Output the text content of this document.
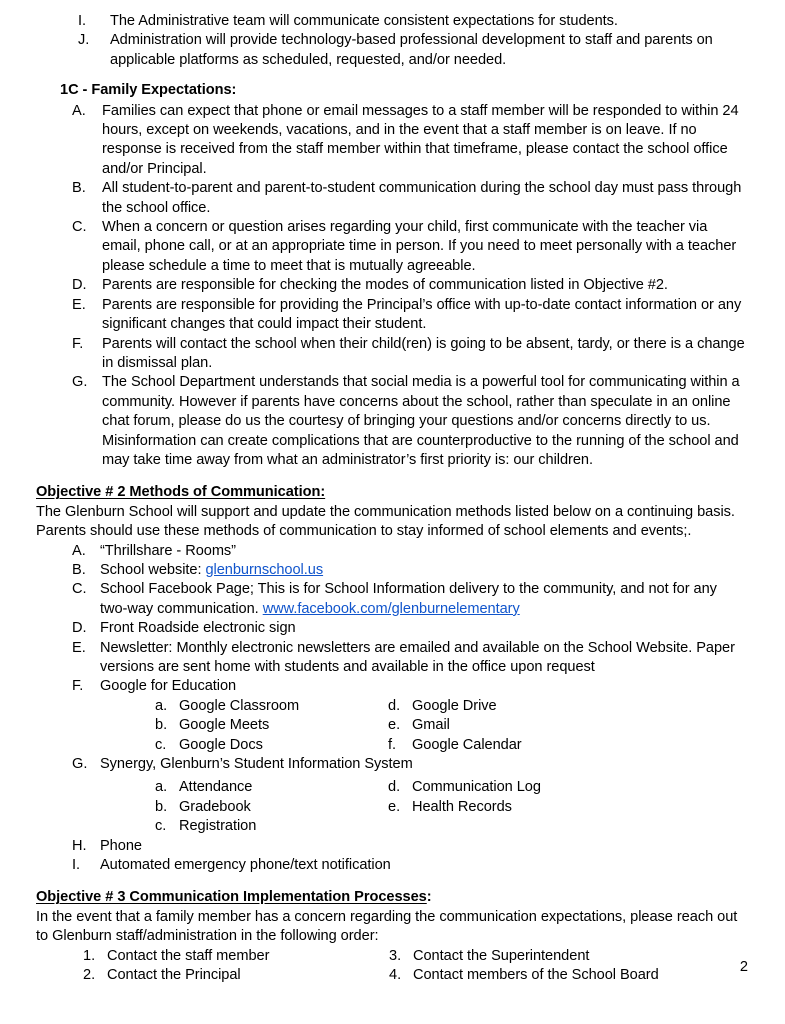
I.	The Administrative team will communicate consistent expectations for students.
J.	Administration will provide technology-based professional development to staff and parents on applicable platforms as scheduled, requested, and/or needed.
1C - Family Expectations:
A.	Families can expect that phone or email messages to a staff member will be responded to within 24 hours, except on weekends, vacations, and in the event that a staff member is on leave. If no response is received from the staff member within that timeframe, please contact the school office and/or Principal.
B.	All student-to-parent and parent-to-student communication during the school day must pass through the school office.
C.	When a concern or question arises regarding your child, first communicate with the teacher via email, phone call, or at an appropriate time in person. If you need to meet personally with a teacher please schedule a time to meet that is mutually agreeable.
D.	Parents are responsible for checking the modes of communication listed in Objective #2.
E.	Parents are responsible for providing the Principal’s office with up-to-date contact information or any significant changes that could impact their student.
F.	Parents will contact the school when their child(ren) is going to be absent, tardy, or there is a change in dismissal plan.
G. The School Department understands that social media is a powerful tool for communicating within a community. However if parents have concerns about the school, rather than speculate in an online chat forum, please do us the courtesy of bringing your questions and/or concerns directly to us. Misinformation can create complications that are counterproductive to the running of the school and may take time away from what an administrator’s first priority is: our children.
Objective # 2 Methods of Communication:
The Glenburn School will support and update the communication methods listed below on a continuing basis. Parents should use these methods of communication to stay informed of school elements and events;.
A. “Thrillshare - Rooms”
B. School website: glenburnschool.us
C. School Facebook Page; This is for School Information delivery to the community, and not for any two-way communication. www.facebook.com/glenburnelementary
D. Front Roadside electronic sign
E. Newsletter: Monthly electronic newsletters are emailed and available on the School Website. Paper versions are sent home with students and available in the office upon request
F.	Google for Education
a. Google Classroom
b. Google Meets
c. Google Docs
d. Google Drive
e. Gmail
f.	Google Calendar
G. Synergy, Glenburn’s Student Information System
a. Attendance
b. Gradebook
c. Registration
d. Communication Log
e. Health Records
H. Phone
I.	Automated emergency phone/text notification
Objective # 3 Communication Implementation Processes:
In the event that a family member has a concern regarding the communication expectations, please reach out to Glenburn staff/administration in the following order:
1. Contact the staff member
2. Contact the Principal
3. Contact the Superintendent
4. Contact members of the School Board
2
